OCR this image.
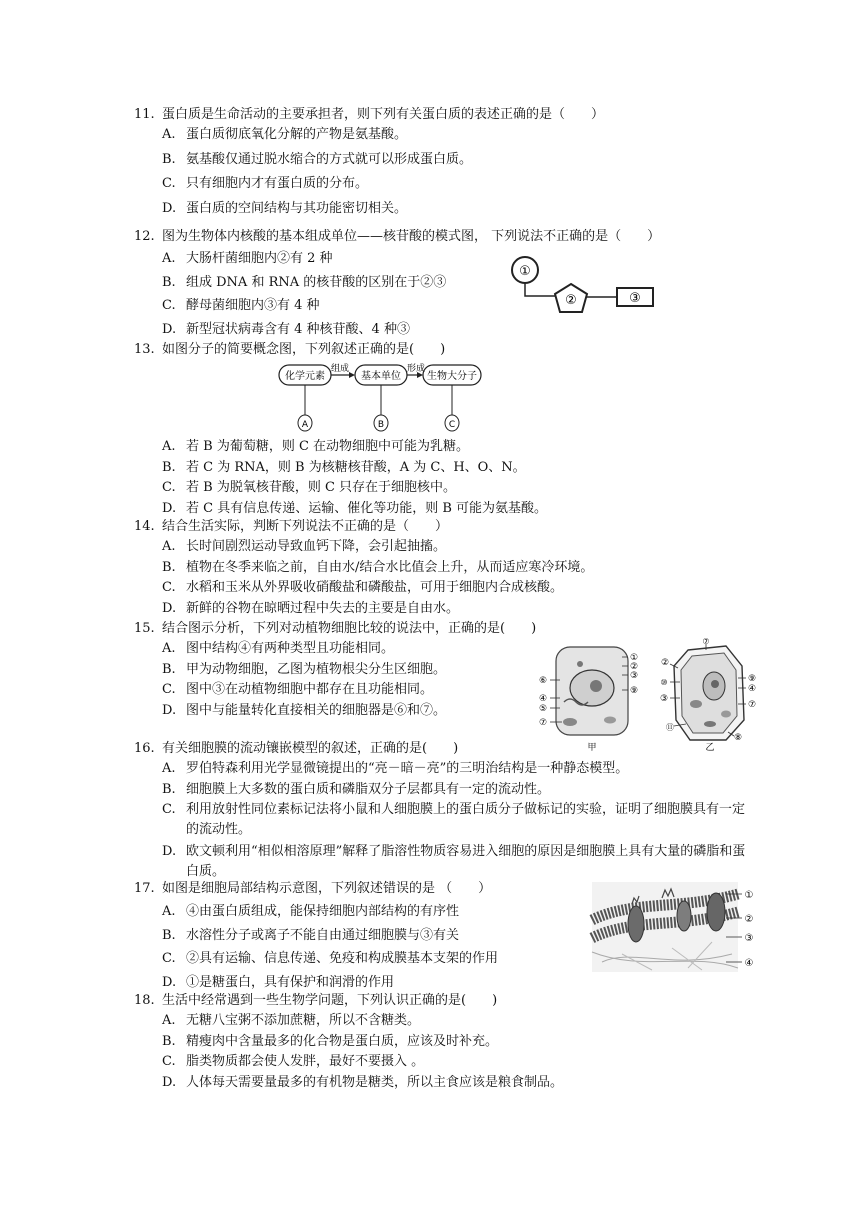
11. 蛋白质是生命活动的主要承担者，则下列有关蛋白质的表述正确的是（　　）
A. 蛋白质彻底氧化分解的产物是氨基酸。
B. 氨基酸仅通过脱水缩合的方式就可以形成蛋白质。
C. 只有细胞内才有蛋白质的分布。
D. 蛋白质的空间结构与其功能密切相关。
12. 图为生物体内核酸的基本组成单位——核苷酸的模式图， 下列说法不正确的是（　　）
A. 大肠杆菌细胞内②有 2 种
B. 组成 DNA 和 RNA 的核苷酸的区别在于②③
C. 酵母菌细胞内③有 4 种
D. 新型冠状病毒含有 4 种核苷酸、4 种③
①
②	③
13. 如图分子的简要概念图，下列叙述正确的是(　　)
化学元素
组成
基本单位
形成
生物大分子
A	B	C
A. 若 B 为葡萄糖，则 C 在动物细胞中可能为乳糖。
B. 若 C 为 RNA，则 B 为核糖核苷酸，A 为 C、H、O、N。
C. 若 B 为脱氧核苷酸，则 C 只存在于细胞核中。
D. 若 C 具有信息传递、运输、催化等功能，则 B 可能为氨基酸。
14. 结合生活实际，判断下列说法不正确的是（　　）
A. 长时间剧烈运动导致血钙下降，会引起抽搐。
B. 植物在冬季来临之前，自由水/结合水比值会上升，从而适应寒冷环境。
C. 水稻和玉米从外界吸收硝酸盐和磷酸盐，可用于细胞内合成核酸。
D. 新鲜的谷物在晾晒过程中失去的主要是自由水。
15. 结合图示分析，下列对动植物细胞比较的说法中，正确的是(　　)
A. 图中结构④有两种类型且功能相同。
B. 甲为动物细胞，乙图为植物根尖分生区细胞。
C. 图中③在动植物细胞中都存在且功能相同。
D. 图中与能量转化直接相关的细胞器是⑥和⑦。
①
②
③
⑨
⑥
④
⑤
⑦
甲
⑦
②
⑩
③
⑨
④
⑦
⑪
⑧
乙
16. 有关细胞膜的流动镶嵌模型的叙述，正确的是(　　)
A. 罗伯特森利用光学显微镜提出的“亮－暗－亮”的三明治结构是一种静态模型。
B. 细胞膜上大多数的蛋白质和磷脂双分子层都具有一定的流动性。
C. 利用放射性同位素标记法将小鼠和人细胞膜上的蛋白质分子做标记的实验，证明了细胞膜具有一定的流动性。
D. 欧文顿利用“相似相溶原理”解释了脂溶性物质容易进入细胞的原因是细胞膜上具有大量的磷脂和蛋白质。
17. 如图是细胞局部结构示意图，下列叙述错误的是 （　　）
A. ④由蛋白质组成，能保持细胞内部结构的有序性
B. 水溶性分子或离子不能自由通过细胞膜与③有关
C. ②具有运输、信息传递、免疫和构成膜基本支架的作用
D. ①是糖蛋白，具有保护和润滑的作用
①
②
③
④
18. 生活中经常遇到一些生物学问题，下列认识正确的是(　　)
A. 无糖八宝粥不添加蔗糖，所以不含糖类。
B. 精瘦肉中含量最多的化合物是蛋白质，应该及时补充。
C. 脂类物质都会使人发胖，最好不要摄入 。
D. 人体每天需要量最多的有机物是糖类，所以主食应该是粮食制品。
